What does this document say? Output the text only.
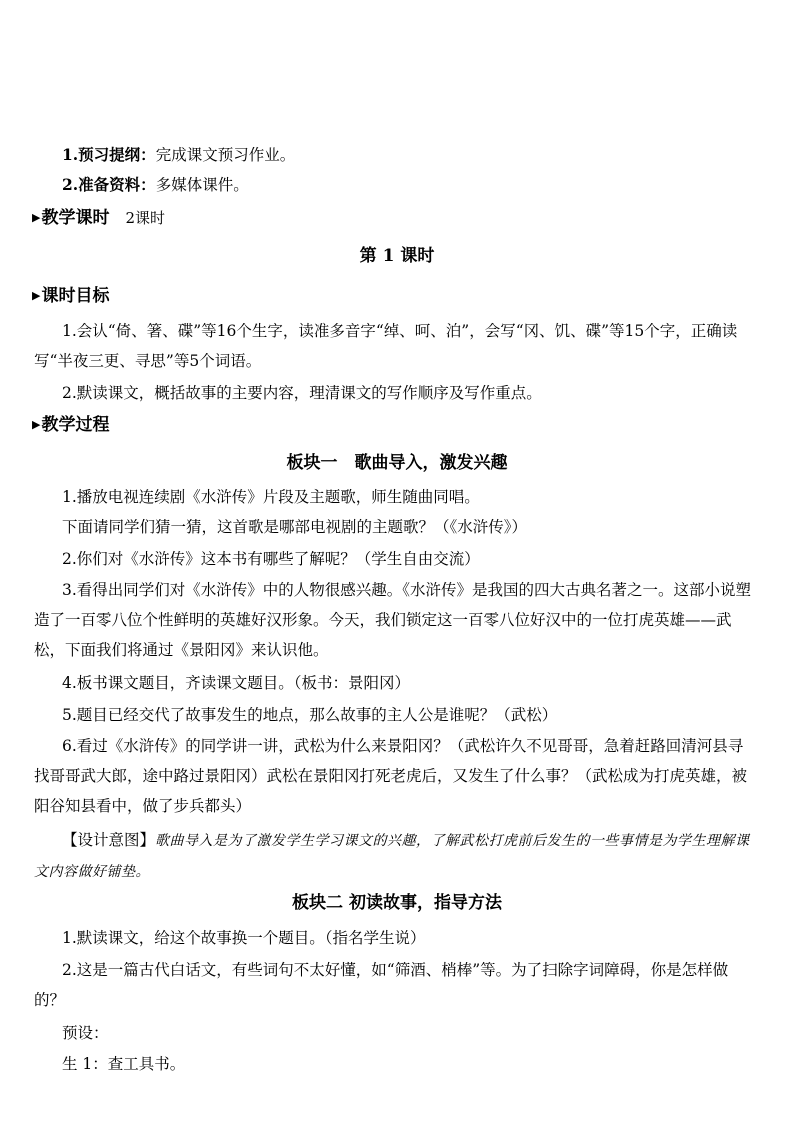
1.预习提纲：完成课文预习作业。
2.准备资料：多媒体课件。
▶教学课时 2课时
第 1 课时
▶课时目标
1.会认“倚、箸、碟”等16个生字，读准多音字“绰、呵、泊”，会写“冈、饥、碟”等15个字，正确读写“半夜三更、寻思”等5个词语。
2.默读课文，概括故事的主要内容，理清课文的写作顺序及写作重点。
▶教学过程
板块一　歌曲导入，激发兴趣
1.播放电视连续剧《水浒传》片段及主题歌，师生随曲同唱。
下面请同学们猜一猜，这首歌是哪部电视剧的主题歌？（《水浒传》）
2.你们对《水浒传》这本书有哪些了解呢？（学生自由交流）
3.看得出同学们对《水浒传》中的人物很感兴趣。《水浒传》是我国的四大古典名著之一。这部小说塑造了一百零八位个性鲜明的英雄好汉形象。今天，我们锁定这一百零八位好汉中的一位打虎英雄——武松，下面我们将通过《景阳冈》来认识他。
4.板书课文题目，齐读课文题目。（板书：景阳冈）
5.题目已经交代了故事发生的地点，那么故事的主人公是谁呢？（武松）
6.看过《水浒传》的同学讲一讲，武松为什么来景阳冈？（武松许久不见哥哥，急着赶路回清河县寻找哥哥武大郎，途中路过景阳冈）武松在景阳冈打死老虎后，又发生了什么事？（武松成为打虎英雄，被阳谷知县看中，做了步兵都头）
【设计意图】歌曲导入是为了激发学生学习课文的兴趣，了解武松打虎前后发生的一些事情是为学生理解课文内容做好铺垫。
板块二 初读故事，指导方法
1.默读课文，给这个故事换一个题目。（指名学生说）
2.这是一篇古代白话文，有些词句不太好懂，如“筛酒、梢棒”等。为了扫除字词障碍，你是怎样做的？
预设：
生 1：查工具书。
